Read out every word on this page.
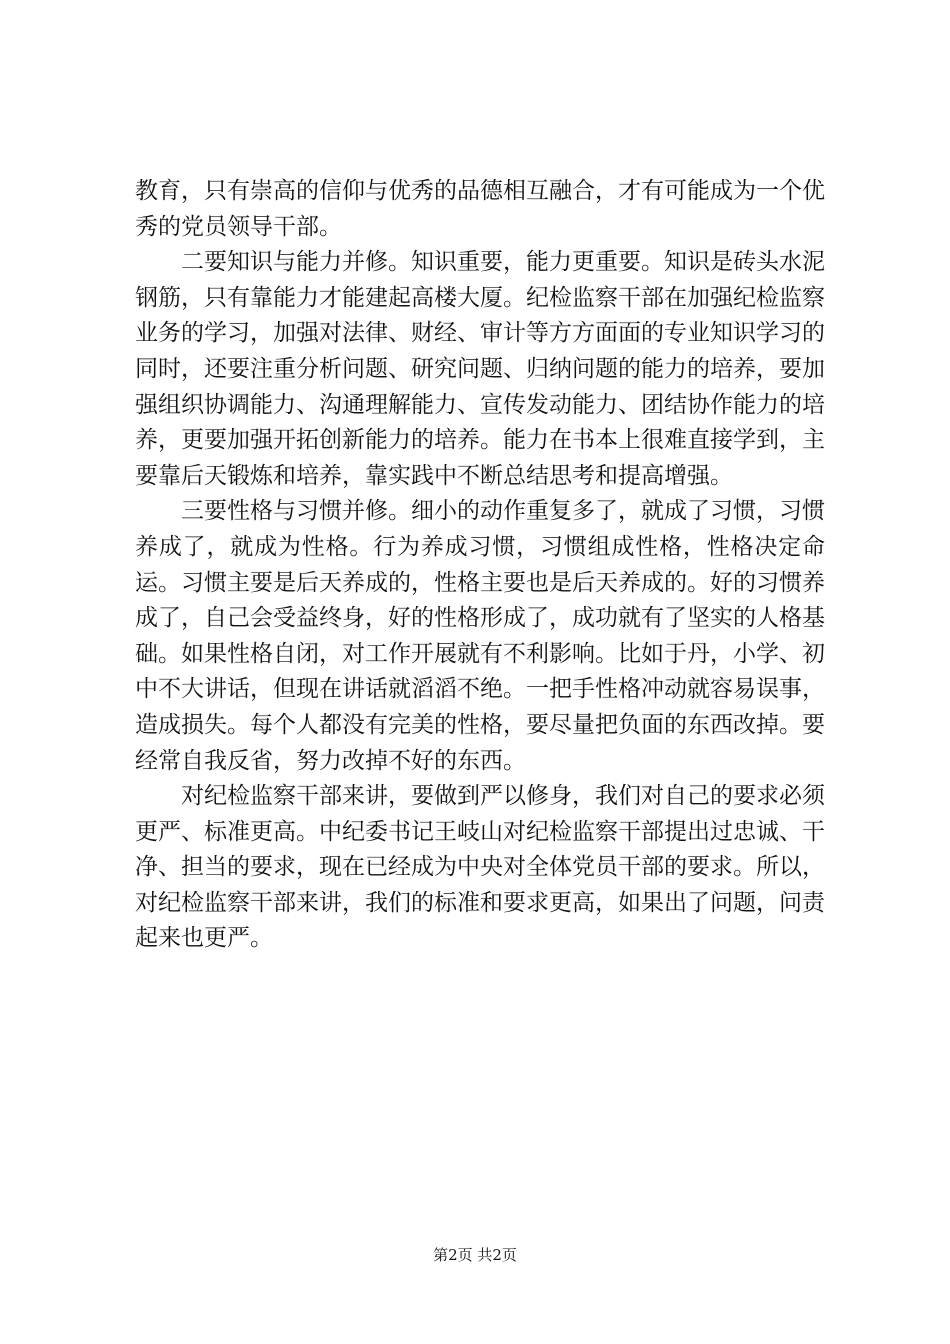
教育，只有崇高的信仰与优秀的品德相互融合，才有可能成为一个优秀的党员领导干部。

二要知识与能力并修。知识重要，能力更重要。知识是砖头水泥钢筋，只有靠能力才能建起高楼大厦。纪检监察干部在加强纪检监察业务的学习，加强对法律、财经、审计等方方面面的专业知识学习的同时，还要注重分析问题、研究问题、归纳问题的能力的培养，要加强组织协调能力、沟通理解能力、宣传发动能力、团结协作能力的培养，更要加强开拓创新能力的培养。能力在书本上很难直接学到，主要靠后天锻炼和培养，靠实践中不断总结思考和提高增强。

三要性格与习惯并修。细小的动作重复多了，就成了习惯，习惯养成了，就成为性格。行为养成习惯，习惯组成性格，性格决定命运。习惯主要是后天养成的，性格主要也是后天养成的。好的习惯养成了，自己会受益终身，好的性格形成了，成功就有了坚实的人格基础。如果性格自闭，对工作开展就有不利影响。比如于丹，小学、初中不大讲话，但现在讲话就滔滔不绝。一把手性格冲动就容易误事，造成损失。每个人都没有完美的性格，要尽量把负面的东西改掉。要经常自我反省，努力改掉不好的东西。

对纪检监察干部来讲，要做到严以修身，我们对自己的要求必须更严、标准更高。中纪委书记王岐山对纪检监察干部提出过忠诚、干净、担当的要求，现在已经成为中央对全体党员干部的要求。所以，对纪检监察干部来讲，我们的标准和要求更高，如果出了问题，问责起来也更严。

第2页 共2页
